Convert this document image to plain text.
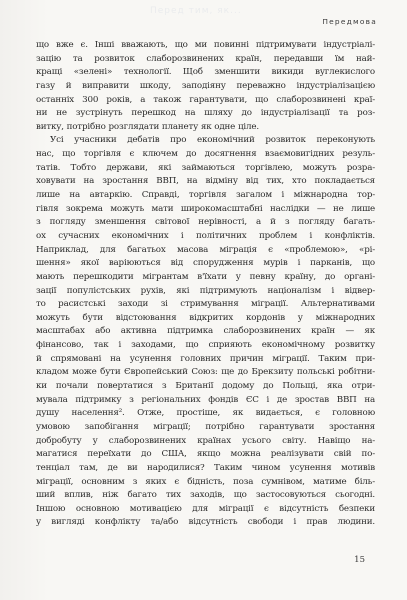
Перед тим, як...
Передмова

що вже є. Інші вважають, що ми повинні підтримувати індустріалі-
зацію та розвиток слаборозвинених країн, передавши їм най-
кращі «зелені» технології. Щоб зменшити викиди вуглекислого
газу й виправити шкоду, заподіяну переважно індустріалізацією
останніх 300 років, а також гарантувати, що слаборозвинені краї-
ни не зустрінуть перешкод на шляху до індустріалізації та роз-
витку, потрібно розглядати планету як одне ціле.

Усі учасники дебатів про економічний розвиток переконують
нас, що торгівля є ключем до досягнення взаємовигідних резуль-
татів. Тобто держави, які займаються торгівлею, можуть розра-
ховувати на зростання ВВП, на відміну від тих, хто покладається
лише на автаркію. Справді, торгівля загалом і міжнародна тор-
гівля зокрема можуть мати широкомасштабні наслідки — не лише
з погляду зменшення світової нерівності, а й з погляду багать-
ох сучасних економічних і політичних проблем і конфліктів.
Наприклад, для багатьох масова міграція є «проблемою», «рі-
шення» якої варіюються від спорудження мурів і парканів, що
мають перешкодити мігрантам в'їхати у певну країну, до органі-
зації популістських рухів, які підтримують націоналізм і відвер-
то расистські заходи зі стримування міграції. Альтернативами
можуть бути відстоювання відкритих кордонів у міжнародних
масштабах або активна підтримка слаборозвинених країн — як
фінансово, так і заходами, що сприяють економічному розвитку
й спрямовані на усунення головних причин міграції. Таким при-
кладом може бути Європейський Союз: ще до Брекзиту польські робітни-
ки почали повертатися з Британії додому до Польщі, яка отри-
мувала підтримку з регіональних фондів ЄС і де зростав ВВП на
душу населення². Отже, простіше, як видається, є головною
умовою запобігання міграції; потрібно гарантувати зростання
добробуту у слаборозвинених країнах усього світу. Навіщо на-
магатися переїхати до США, якщо можна реалізувати свій по-
тенціал там, де ви народилися? Таким чином усунення мотивів
міграції, основним з яких є бідність, поза сумнівом, матиме біль-
ший вплив, ніж багато тих заходів, що застосовуються сьогодні.
Іншою основною мотивацією для міграції є відсутність безпеки
у вигляді конфлікту та/або відсутність свободи і прав людини.

15
